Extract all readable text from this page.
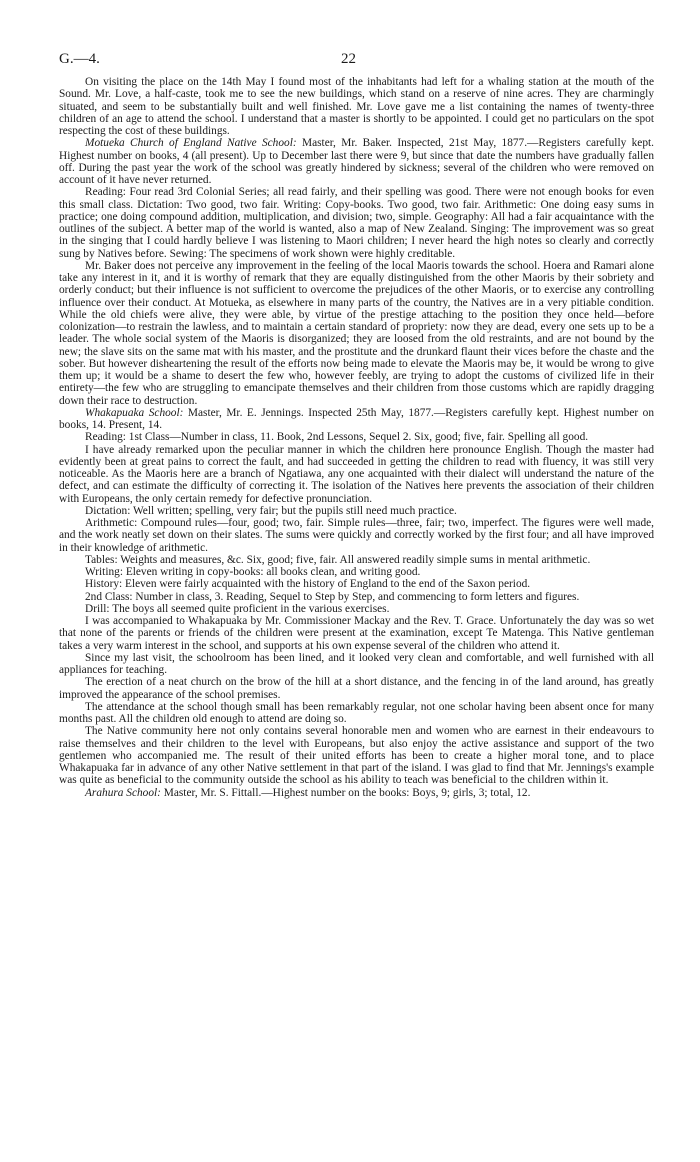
G.—4.	22

On visiting the place on the 14th May I found most of the inhabitants had left for a whaling station at the mouth of the Sound. Mr. Love, a half-caste, took me to see the new buildings, which stand on a reserve of nine acres. They are charmingly situated, and seem to be substantially built and well finished. Mr. Love gave me a list containing the names of twenty-three children of an age to attend the school. I understand that a master is shortly to be appointed. I could get no particulars on the spot respecting the cost of these buildings.

Motueka Church of England Native School: Master, Mr. Baker. Inspected, 21st May, 1877.—Registers carefully kept. Highest number on books, 4 (all present). Up to December last there were 9, but since that date the numbers have gradually fallen off. During the past year the work of the school was greatly hindered by sickness; several of the children who were removed on account of it have never returned.

Reading: Four read 3rd Colonial Series; all read fairly, and their spelling was good. There were not enough books for even this small class. Dictation: Two good, two fair. Writing: Copy-books. Two good, two fair. Arithmetic: One doing easy sums in practice; one doing compound addition, multiplication, and division; two, simple. Geography: All had a fair acquaintance with the outlines of the subject. A better map of the world is wanted, also a map of New Zealand. Singing: The improvement was so great in the singing that I could hardly believe I was listening to Maori children; I never heard the high notes so clearly and correctly sung by Natives before. Sewing: The specimens of work shown were highly creditable.

Mr. Baker does not perceive any improvement in the feeling of the local Maoris towards the school. Hoera and Ramari alone take any interest in it, and it is worthy of remark that they are equally distinguished from the other Maoris by their sobriety and orderly conduct; but their influence is not sufficient to overcome the prejudices of the other Maoris, or to exercise any controlling influence over their conduct. At Motueka, as elsewhere in many parts of the country, the Natives are in a very pitiable condition. While the old chiefs were alive, they were able, by virtue of the prestige attaching to the position they once held—before colonization—to restrain the lawless, and to maintain a certain standard of propriety: now they are dead, every one sets up to be a leader. The whole social system of the Maoris is disorganized; they are loosed from the old restraints, and are not bound by the new; the slave sits on the same mat with his master, and the prostitute and the drunkard flaunt their vices before the chaste and the sober. But however disheartening the result of the efforts now being made to elevate the Maoris may be, it would be wrong to give them up; it would be a shame to desert the few who, however feebly, are trying to adopt the customs of civilized life in their entirety—the few who are struggling to emancipate themselves and their children from those customs which are rapidly dragging down their race to destruction.

Whakapuaka School: Master, Mr. E. Jennings. Inspected 25th May, 1877.—Registers carefully kept. Highest number on books, 14. Present, 14.

Reading: 1st Class—Number in class, 11. Book, 2nd Lessons, Sequel 2. Six, good; five, fair. Spelling all good.

I have already remarked upon the peculiar manner in which the children here pronounce English. Though the master had evidently been at great pains to correct the fault, and had succeeded in getting the children to read with fluency, it was still very noticeable. As the Maoris here are a branch of Ngatiawa, any one acquainted with their dialect will understand the nature of the defect, and can estimate the difficulty of correcting it. The isolation of the Natives here prevents the association of their children with Europeans, the only certain remedy for defective pronunciation.

Dictation: Well written; spelling, very fair; but the pupils still need much practice.

Arithmetic: Compound rules—four, good; two, fair. Simple rules—three, fair; two, imperfect. The figures were well made, and the work neatly set down on their slates. The sums were quickly and correctly worked by the first four; and all have improved in their knowledge of arithmetic.

Tables: Weights and measures, &c. Six, good; five, fair. All answered readily simple sums in mental arithmetic.

Writing: Eleven writing in copy-books: all books clean, and writing good.

History: Eleven were fairly acquainted with the history of England to the end of the Saxon period.

2nd Class: Number in class, 3. Reading, Sequel to Step by Step, and commencing to form letters and figures.

Drill: The boys all seemed quite proficient in the various exercises.

I was accompanied to Whakapuaka by Mr. Commissioner Mackay and the Rev. T. Grace. Unfortunately the day was so wet that none of the parents or friends of the children were present at the examination, except Te Matenga. This Native gentleman takes a very warm interest in the school, and supports at his own expense several of the children who attend it.

Since my last visit, the schoolroom has been lined, and it looked very clean and comfortable, and well furnished with all appliances for teaching.

The erection of a neat church on the brow of the hill at a short distance, and the fencing in of the land around, has greatly improved the appearance of the school premises.

The attendance at the school though small has been remarkably regular, not one scholar having been absent once for many months past. All the children old enough to attend are doing so.

The Native community here not only contains several honorable men and women who are earnest in their endeavours to raise themselves and their children to the level with Europeans, but also enjoy the active assistance and support of the two gentlemen who accompanied me. The result of their united efforts has been to create a higher moral tone, and to place Whakapuaka far in advance of any other Native settlement in that part of the island. I was glad to find that Mr. Jennings's example was quite as beneficial to the community outside the school as his ability to teach was beneficial to the children within it.

Arahura School: Master, Mr. S. Fittall.—Highest number on the books: Boys, 9; girls, 3; total, 12.
